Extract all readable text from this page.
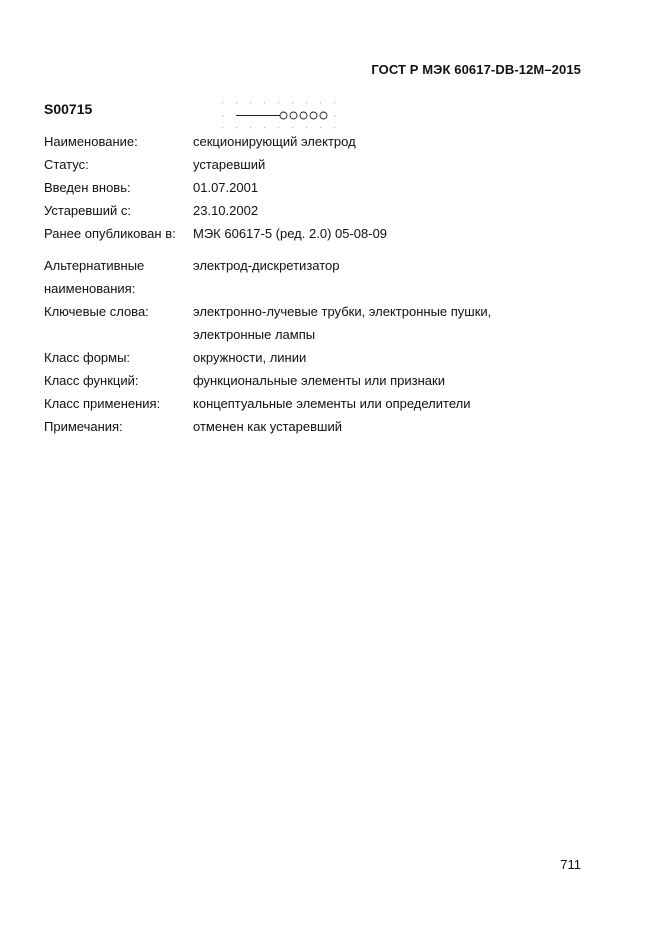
ГОСТ Р МЭК 60617-DB-12M–2015
S00715
Наименование:	секционирующий электрод
Статус:	устаревший
Введен вновь:	01.07.2001
Устаревший с:	23.10.2002
Ранее опубликован в:	МЭК 60617-5 (ред. 2.0) 05-08-09
Альтернативные	электрод-дискретизатор
наименования:
Ключевые слова:	электронно-лучевые трубки, электронные пушки,
электронные лампы
Класс формы:	окружности, линии
Класс функций:	функциональные элементы или признаки
Класс применения:	концептуальные элементы или определители
Примечания:	отменен как устаревший
711
